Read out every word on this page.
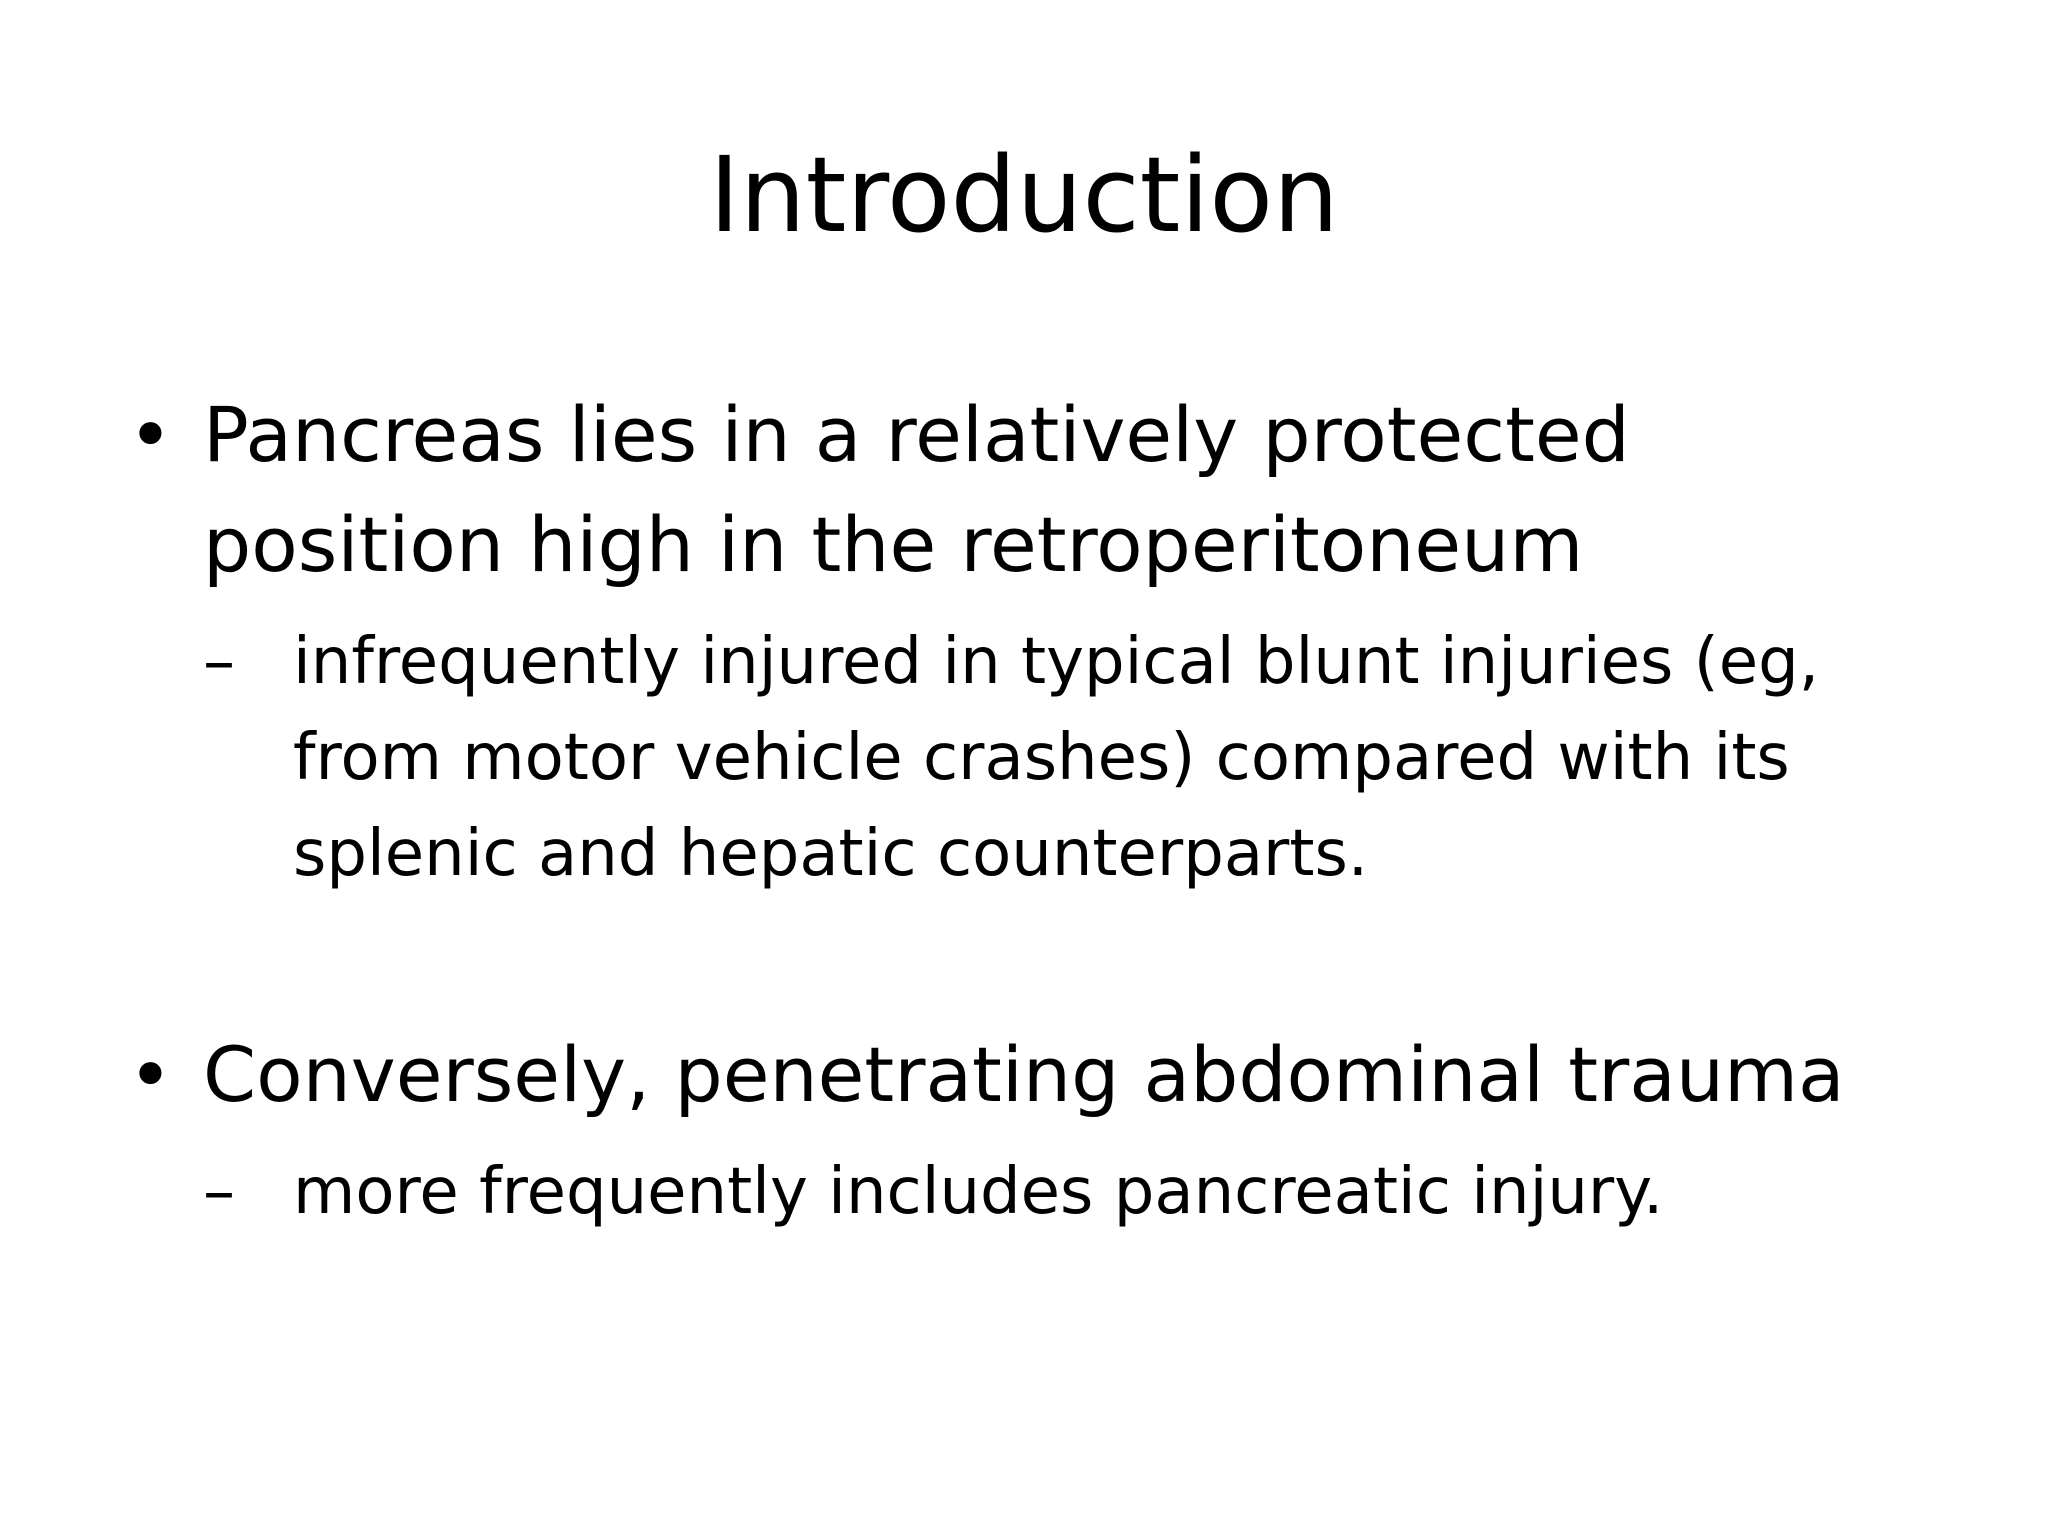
Introduction
• Pancreas lies in a relatively protected position high in the retroperitoneum
– infrequently injured in typical blunt injuries (eg, from motor vehicle crashes) compared with its splenic and hepatic counterparts.
• Conversely, penetrating abdominal trauma
– more frequently includes pancreatic injury.
